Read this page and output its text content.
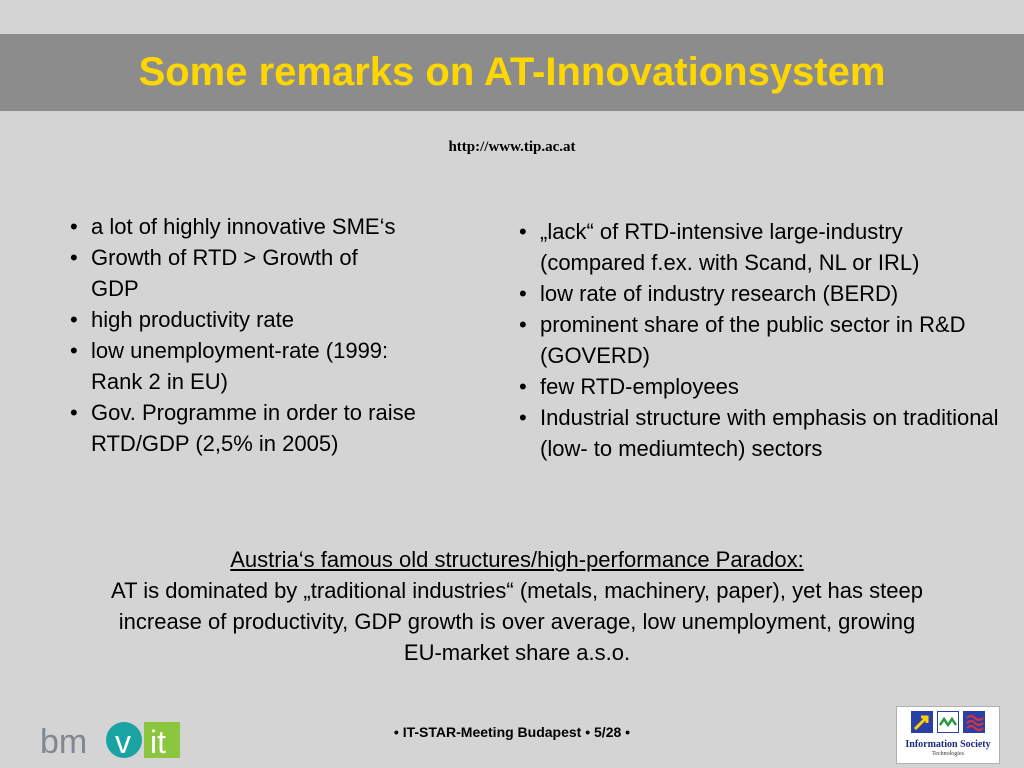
Some remarks on AT-Innovationsystem
http://www.tip.ac.at
• a lot of highly innovative SME‘s
• Growth of RTD > Growth of GDP
• high productivity rate
• low unemployment-rate (1999: Rank 2 in EU)
• Gov. Programme in order to raise RTD/GDP (2,5% in 2005)
• „lack“ of RTD-intensive large-industry (compared f.ex. with Scand, NL or IRL)
• low rate of industry research (BERD)
• prominent share of the public sector in R&D (GOVERD)
• few RTD-employees
• Industrial structure with emphasis on traditional (low- to mediumtech) sectors
Austria‘s famous old structures/high-performance Paradox:
AT is dominated by „traditional industries“ (metals, machinery, paper), yet has steep increase of productivity, GDP growth is over average, low unemployment, growing EU-market share a.s.o.
• IT-STAR-Meeting Budapest • 5/28 •
bm v it	Information Society
Technologies
